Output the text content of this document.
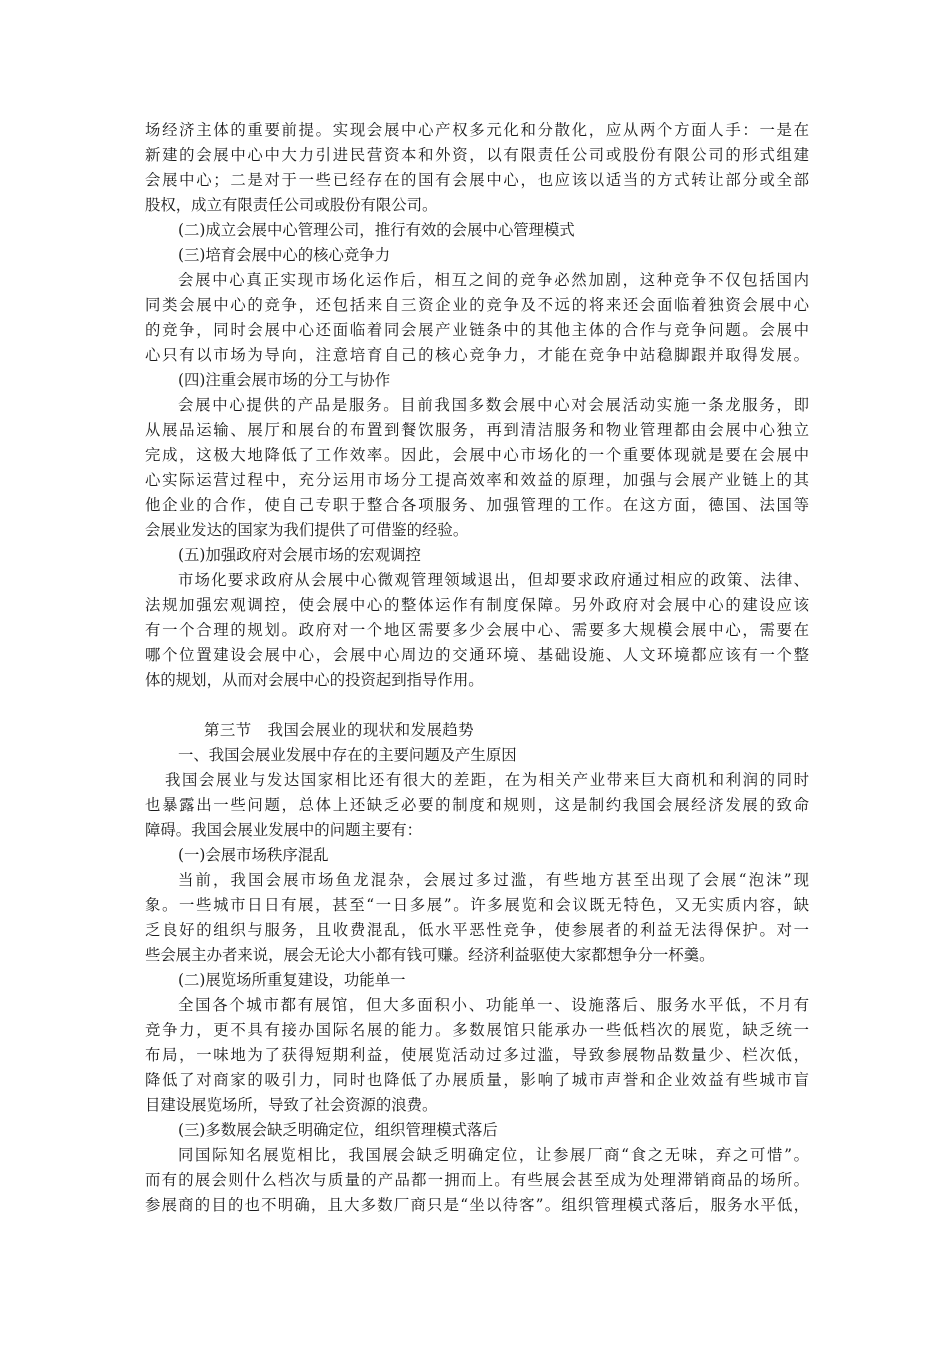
场经济主体的重要前提。实现会展中心产权多元化和分散化，应从两个方面人手：一是在
新建的会展中心中大力引进民营资本和外资，以有限责任公司或股份有限公司的形式组建
会展中心；二是对于一些已经存在的国有会展中心，也应该以适当的方式转让部分或全部
股权，成立有限责任公司或股份有限公司。
(二)成立会展中心管理公司，推行有效的会展中心管理模式
(三)培育会展中心的核心竞争力
会展中心真正实现市场化运作后，相互之间的竞争必然加剧，这种竞争不仅包括国内
同类会展中心的竞争，还包括来自三资企业的竞争及不远的将来还会面临着独资会展中心
的竞争，同时会展中心还面临着同会展产业链条中的其他主体的合作与竞争问题。会展中
心只有以市场为导向，注意培育自己的核心竞争力，才能在竞争中站稳脚跟并取得发展。
(四)注重会展市场的分工与协作
会展中心提供的产品是服务。目前我国多数会展中心对会展活动实施一条龙服务，即
从展品运输、展厅和展台的布置到餐饮服务，再到清洁服务和物业管理都由会展中心独立
完成，这极大地降低了工作效率。因此，会展中心市场化的一个重要体现就是要在会展中
心实际运营过程中，充分运用市场分工提高效率和效益的原理，加强与会展产业链上的其
他企业的合作，使自己专职于整合各项服务、加强管理的工作。在这方面，德国、法国等
会展业发达的国家为我们提供了可借鉴的经验。
(五)加强政府对会展市场的宏观调控
市场化要求政府从会展中心微观管理领域退出，但却要求政府通过相应的政策、法律、
法规加强宏观调控，使会展中心的整体运作有制度保障。另外政府对会展中心的建设应该
有一个合理的规划。政府对一个地区需要多少会展中心、需要多大规模会展中心，需要在
哪个位置建设会展中心，会展中心周边的交通环境、基础设施、人文环境都应该有一个整
体的规划，从而对会展中心的投资起到指导作用。
第三节　我国会展业的现状和发展趋势
一、我国会展业发展中存在的主要问题及产生原因
我国会展业与发达国家相比还有很大的差距，在为相关产业带来巨大商机和利润的同时
也暴露出一些问题，总体上还缺乏必要的制度和规则，这是制约我国会展经济发展的致命
障碍。我国会展业发展中的问题主要有：
(一)会展市场秩序混乱
当前，我国会展市场鱼龙混杂，会展过多过滥，有些地方甚至出现了会展“泡沫”现
象。一些城市日日有展，甚至“一日多展”。许多展览和会议既无特色，又无实质内容，缺
乏良好的组织与服务，且收费混乱，低水平恶性竞争，使参展者的利益无法得保护。对一
些会展主办者来说，展会无论大小都有钱可赚。经济利益驱使大家都想争分一杯羹。
(二)展览场所重复建设，功能单一
全国各个城市都有展馆，但大多面积小、功能单一、设施落后、服务水平低，不月有
竞争力，更不具有接办国际名展的能力。多数展馆只能承办一些低档次的展览，缺乏统一
布局，一味地为了获得短期利益，使展览活动过多过滥，导致参展物品数量少、栏次低，
降低了对商家的吸引力，同时也降低了办展质量，影响了城市声誉和企业效益有些城市盲
目建设展览场所，导致了社会资源的浪费。
(三)多数展会缺乏明确定位，组织管理模式落后
同国际知名展览相比，我国展会缺乏明确定位，让参展厂商“食之无味，弃之可惜”。
而有的展会则什么档次与质量的产品都一拥而上。有些展会甚至成为处理滞销商品的场所。
参展商的目的也不明确，且大多数厂商只是“坐以待客”。组织管理模式落后，服务水平低，
